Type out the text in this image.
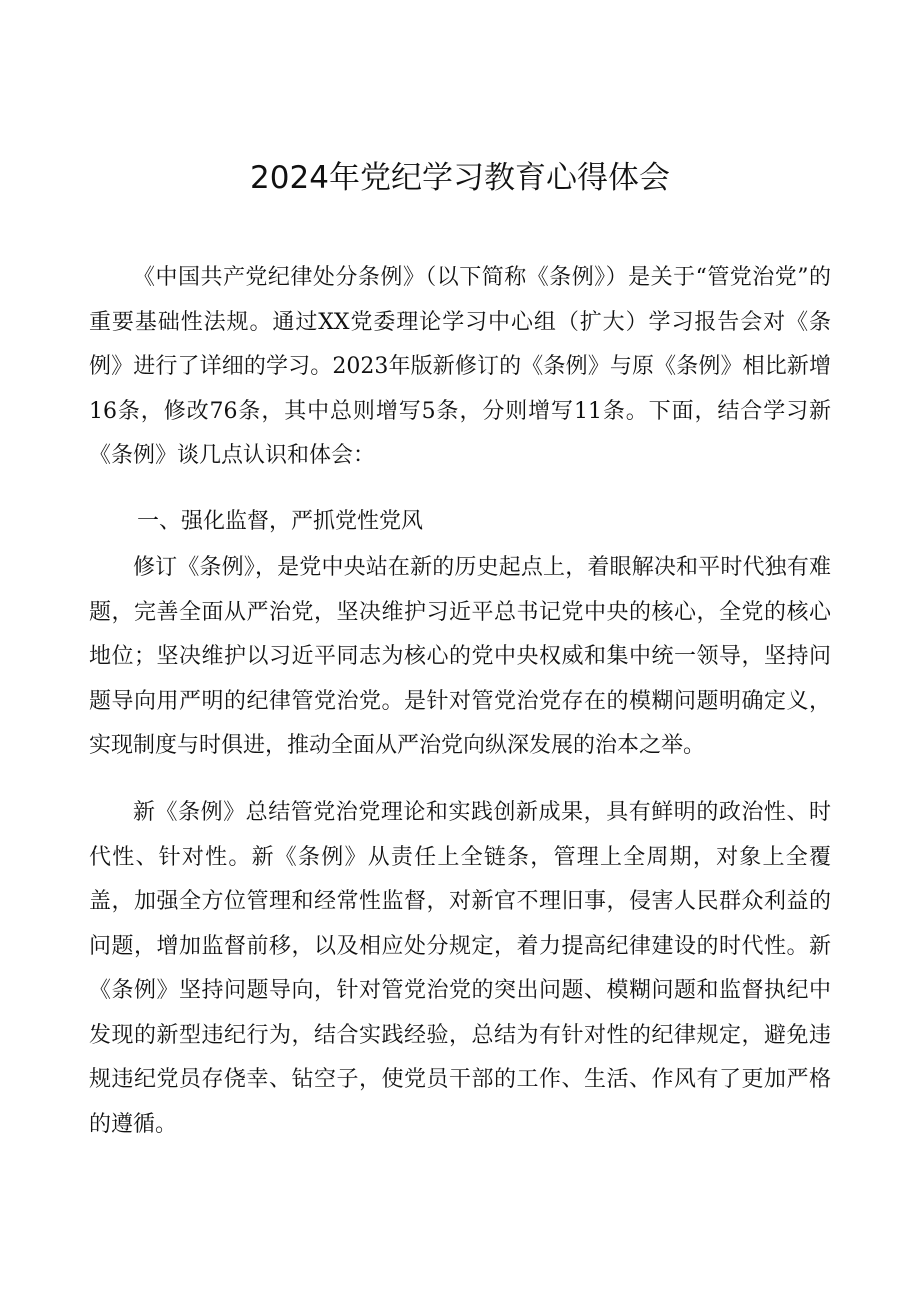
2024年党纪学习教育心得体会

《中国共产党纪律处分条例》（以下简称《条例》）是关于“管党治党”的重要基础性法规。通过XX党委理论学习中心组（扩大）学习报告会对《条例》进行了详细的学习。2023年版新修订的《条例》与原《条例》相比新增16条，修改76条，其中总则增写5条，分则增写11条。下面，结合学习新《条例》谈几点认识和体会：

一、强化监督，严抓党性党风

修订《条例》，是党中央站在新的历史起点上，着眼解决和平时代独有难题，完善全面从严治党，坚决维护习近平总书记党中央的核心，全党的核心地位；坚决维护以习近平同志为核心的党中央权威和集中统一领导，坚持问题导向用严明的纪律管党治党。是针对管党治党存在的模糊问题明确定义，实现制度与时俱进，推动全面从严治党向纵深发展的治本之举。

新《条例》总结管党治党理论和实践创新成果，具有鲜明的政治性、时代性、针对性。新《条例》从责任上全链条，管理上全周期，对象上全覆盖，加强全方位管理和经常性监督，对新官不理旧事，侵害人民群众利益的问题，增加监督前移，以及相应处分规定，着力提高纪律建设的时代性。新《条例》坚持问题导向，针对管党治党的突出问题、模糊问题和监督执纪中发现的新型违纪行为，结合实践经验，总结为有针对性的纪律规定，避免违规违纪党员存侥幸、钻空子，使党员干部的工作、生活、作风有了更加严格的遵循。
